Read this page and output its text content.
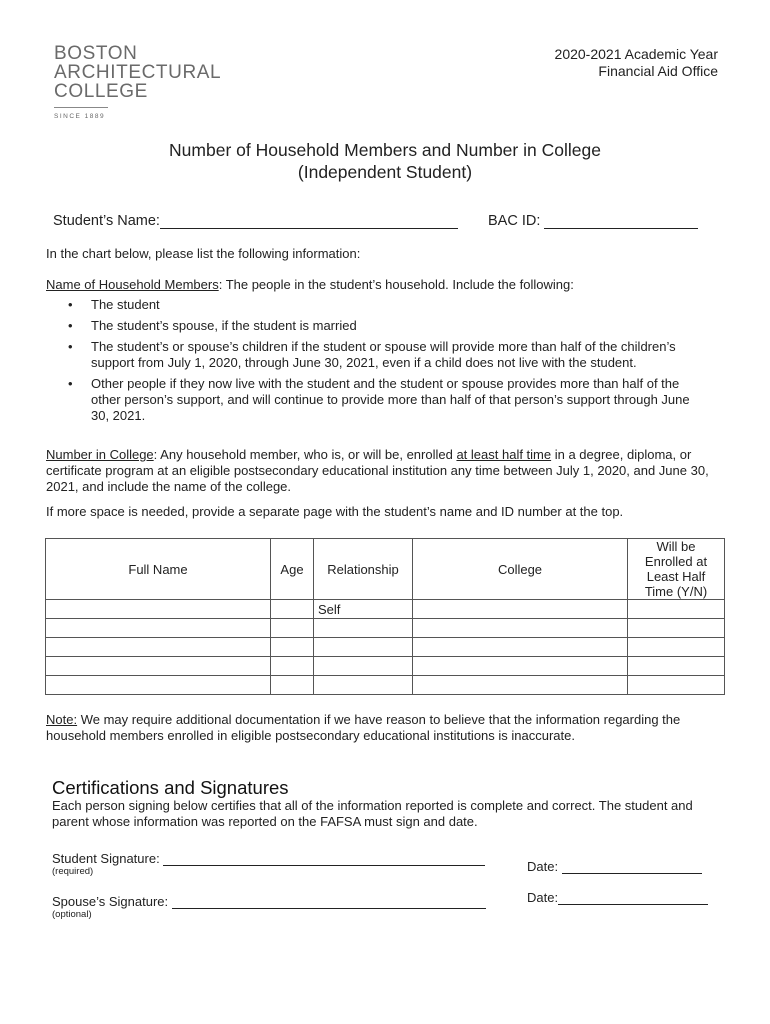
BOSTON
ARCHITECTURAL
COLLEGE
SINCE 1889
2020-2021 Academic Year
Financial Aid Office
Number of Household Members and Number in College
(Independent Student)
Student’s Name:	BAC ID:
In the chart below, please list the following information:
Name of Household Members: The people in the student’s household. Include the following:
• The student
• The student’s spouse, if the student is married
• The student’s or spouse’s children if the student or spouse will provide more than half of the children’s support from July 1, 2020, through June 30, 2021, even if a child does not live with the student.
• Other people if they now live with the student and the student or spouse provides more than half of the other person’s support, and will continue to provide more than half of that person’s support through June 30, 2021.
Number in College: Any household member, who is, or will be, enrolled at least half time in a degree, diploma, or certificate program at an eligible postsecondary educational institution any time between July 1, 2020, and June 30, 2021, and include the name of the college.
If more space is needed, provide a separate page with the student’s name and ID number at the top.
Full Name	Age	Relationship	College	Will be Enrolled at Least Half Time (Y/N)
		Self		

Note: We may require additional documentation if we have reason to believe that the information regarding the household members enrolled in eligible postsecondary educational institutions is inaccurate.
Certifications and Signatures
Each person signing below certifies that all of the information reported is complete and correct. The student and parent whose information was reported on the FAFSA must sign and date.
Student Signature:
(required)	Date:
Spouse’s Signature:
(optional)
Date:
